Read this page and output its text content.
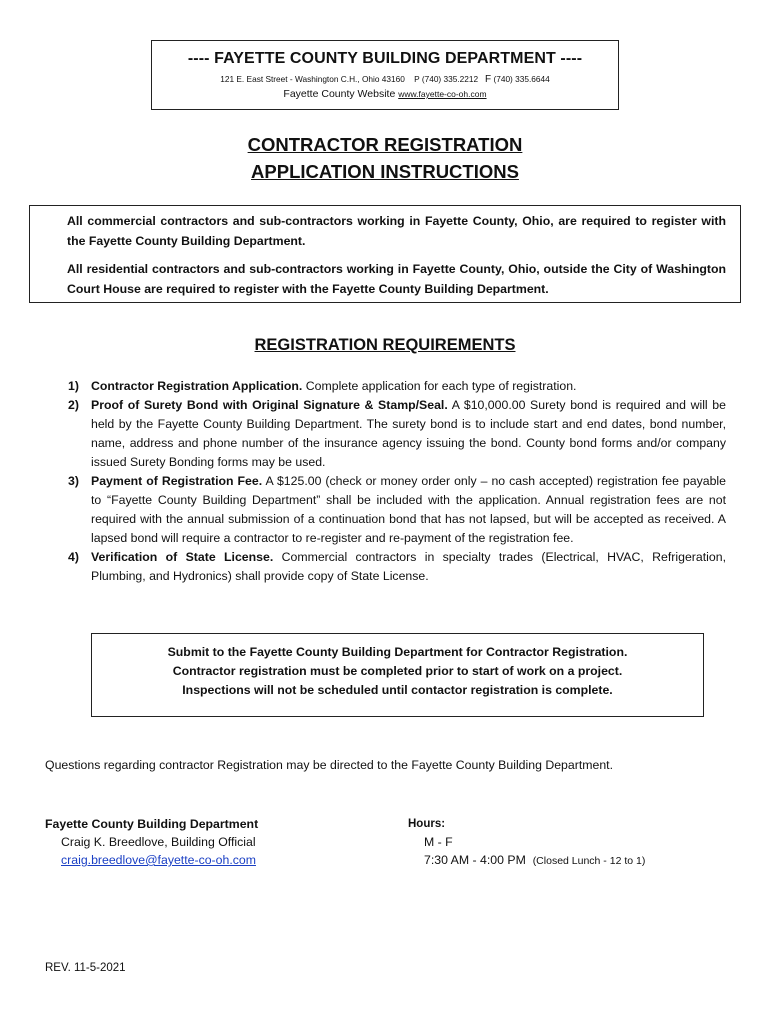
---- FAYETTE COUNTY BUILDING DEPARTMENT ----
121 E. East Street - Washington C.H., Ohio 43160 P (740) 335.2212 F (740) 335.6644
Fayette County Website www.fayette-co-oh.com
CONTRACTOR REGISTRATION
APPLICATION INSTRUCTIONS

All commercial contractors and sub-contractors working in Fayette County, Ohio, are required to register with the Fayette County Building Department.

All residential contractors and sub-contractors working in Fayette County, Ohio, outside the City of Washington Court House are required to register with the Fayette County Building Department.

REGISTRATION REQUIREMENTS
1) Contractor Registration Application. Complete application for each type of registration.
2) Proof of Surety Bond with Original Signature & Stamp/Seal. A $10,000.00 Surety bond is required and will be held by the Fayette County Building Department. The surety bond is to include start and end dates, bond number, name, address and phone number of the insurance agency issuing the bond. County bond forms and/or company issued Surety Bonding forms may be used.
3) Payment of Registration Fee. A $125.00 (check or money order only – no cash accepted) registration fee payable to “Fayette County Building Department” shall be included with the application. Annual registration fees are not required with the annual submission of a continuation bond that has not lapsed, but will be accepted as received. A lapsed bond will require a contractor to re-register and re-payment of the registration fee.
4) Verification of State License. Commercial contractors in specialty trades (Electrical, HVAC, Refrigeration, Plumbing, and Hydronics) shall provide copy of State License.
Submit to the Fayette County Building Department for Contractor Registration.
Contractor registration must be completed prior to start of work on a project.
Inspections will not be scheduled until contactor registration is complete.
Questions regarding contractor Registration may be directed to the Fayette County Building Department.
Fayette County Building Department
Craig K. Breedlove, Building Official
craig.breedlove@fayette-co-oh.com
Hours:
M - F
7:30 AM - 4:00 PM (Closed Lunch - 12 to 1)
REV. 11-5-2021
